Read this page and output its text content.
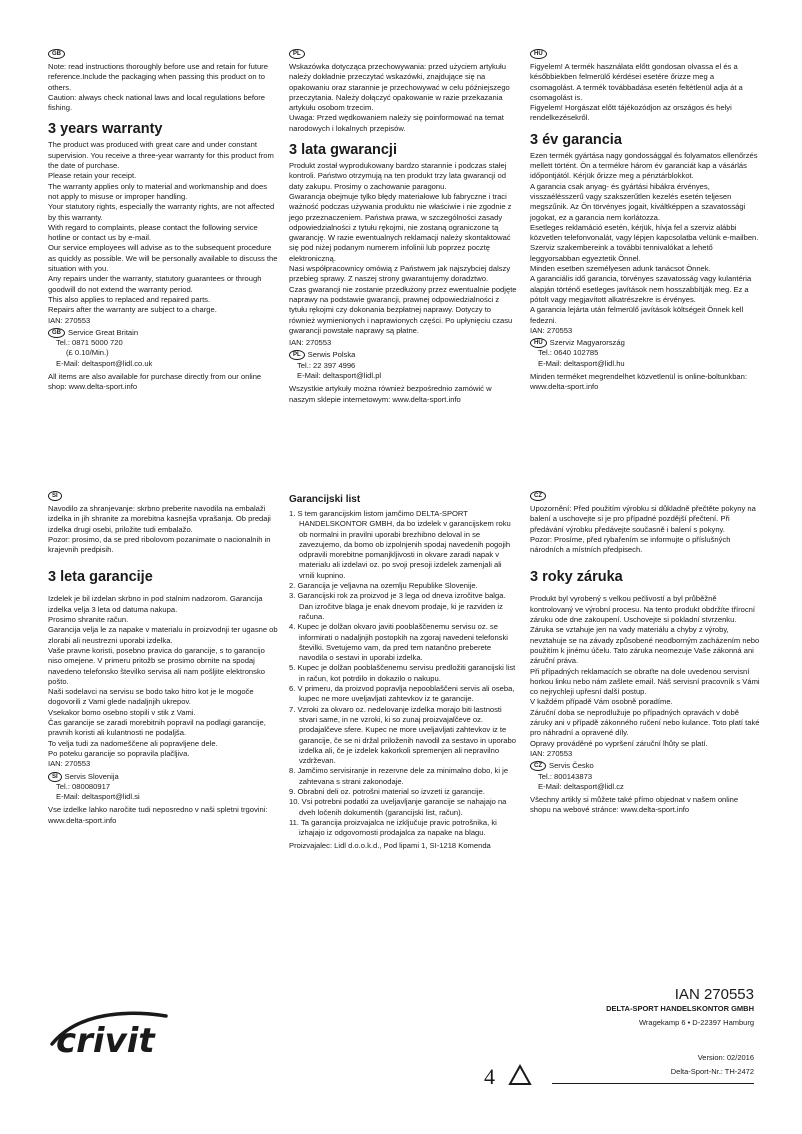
GB

Note: read instructions thoroughly before use and retain for future reference.Include the packaging when passing this product on to others.

Caution: always check national laws and local regulations before fishing.

3 years warranty

The product was produced with great care and under constant supervision. You receive a three-year warranty for this product from the date of purchase.

Please retain your receipt.

The warranty applies only to material and workmanship and does not apply to misuse or improper handling.

Your statutory rights, especially the warranty rights, are not affected by this warranty.

With regard to complaints, please contact the following service hotline or contact us by e-mail.

Our service employees will advise as to the subsequent procedure as quickly as possible. We will be personally available to discuss the situation with you.

Any repairs under the warranty, statutory guarantees or through goodwill do not extend the warranty period.

This also applies to replaced and repaired parts.

Repairs after the warranty are subject to a charge.

IAN: 270553

GB Service Great Britain
Tel.: 0871 5000 720
(£ 0.10/Min.)
E-Mail: deltasport@lidl.co.uk

All items are also available for purchase directly from our online shop: www.delta-sport.info

PL

Wskazówka dotycząca przechowywania: przed użyciem artykułu należy dokładnie przeczytać wskazówki, znajdujące się na opakowaniu oraz starannie je przechowywać w celu późniejszego przeczytania. Należy dołączyć opakowanie w razie przekazania artykułu osobom trzecim.

Uwaga: Przed wędkowaniem należy się poinformować na temat narodowych i lokalnych przepisów.

3 lata gwarancji

Produkt został wyprodukowany bardzo starannie i podczas stałej kontroli. Państwo otrzymują na ten produkt trzy lata gwarancji od daty zakupu. Prosimy o zachowanie paragonu.

Gwarancja obejmuje tylko błędy materiałowe lub fabryczne i traci ważność podczas używania produktu nie właściwie i nie zgodnie z jego przeznaczeniem. Państwa prawa, w szczególności zasady odpowiedzialności z tytułu rękojmi, nie zostaną ograniczone tą gwarancję. W razie ewentualnych reklamacji należy skontaktować się pod niżej podanym numerem infolinii lub poprzez pocztę elektroniczną.

Nasi współpracownicy omówią z Państwem jak najszybciej dalszy przebieg sprawy. Z naszej strony gwarantujemy doradztwo.

Czas gwarancji nie zostanie przedłużony przez ewentualnie podjęte naprawy na podstawie gwarancji, prawnej odpowiedzialności z tytułu rękojmi czy dokonania bezpłatnej naprawy. Dotyczy to również wymienionych i naprawionych części. Po upłynięciu czasu gwarancji powstałe naprawy są płatne.

IAN: 270553

PL Serwis Polska
Tel.: 22 397 4996
E-Mail: deltasport@lidl.pl

Wszystkie artykuły można również bezpośrednio zamówić w naszym sklepie internetowym: www.delta-sport.info

HU

Figyelem! A termék használata előtt gondosan olvassa el és a későbbiekben felmerülő kérdései esetére őrizze meg a csomagolást. A termék továbbadása esetén feltétlenül adja át a csomagolást is.

Figyelem! Horgászat előtt tájékozódjon az országos és helyi rendelkezésekről.

3 év garancia

Ezen termék gyártása nagy gondossággal és folyamatos ellenőrzés mellett történt. Ön a termékre három év garanciát kap a vásárlás időpontjától. Kérjük őrizze meg a pénztárblokkot.

A garancia csak anyag- és gyártási hibákra érvényes, visszaélésszerű vagy szakszerűtlen kezelés esetén teljesen megszűnik. Az Ön törvényes jogait, kiváltképpen a szavatossági jogokat, ez a garancia nem korlátozza.

Esetleges reklamáció esetén, kérjük, hívja fel a szerviz alábbi közvetlen telefonvonalát, vagy lépjen kapcsolatba velünk e-mailben. Szerviz szakembereink a további tennivalókat a lehető leggyorsabban egyeztetik Önnel.

Minden esetben személyesen adunk tanácsot Önnek.

A garanciális idő garancia, törvényes szavatosság vagy kulantéria alapján történő esetleges javítások nem hosszabbítják meg. Ez a pótolt vagy megjavított alkatrészekre is érvényes.

A garancia lejárta után felmerülő javítások költségeit Önnek kell fedezni.

IAN: 270553

HU Szerviz Magyarország
Tel.: 0640 102785
E-Mail: deltasport@lidl.hu

Minden terméket megrendelhet közvetlenül is online-boltunkban: www.delta-sport.info

SI

Navodilo za shranjevanje: skrbno preberite navodila na embalaži izdelka in jih shranite za morebitna kasnejša vprašanja. Ob predaji izdelka drugi osebi, priložite tudi embalažo.

Pozor: prosimo, da se pred ribolovom pozanimate o nacionalnih in krajevnih predpisih.

3 leta garancije

Izdelek je bil izdelan skrbno in pod stalnim nadzorom. Garancija izdelka velja 3 leta od datuma nakupa.

Prosimo shranite račun.

Garancija velja le za napake v materialu in proizvodnji ter ugasne ob zlorabi ali neustrezni uporabi izdelka.

Vaše pravne koristi, posebno pravica do garancije, s to garancijo niso omejene. V primeru pritožb se prosimo obrnite na spodaj navedeno telefonsko številko servisa ali nam pošljite elektronsko pošto.

Naši sodelavci na servisu se bodo tako hitro kot je le mogoče dogovorili z Vami glede nadaljnjih ukrepov.

Vsekakor bomo osebno stopili v stik z Vami.

Čas garancije se zaradi morebitnih popravil na podlagi garancije, pravnih koristi ali kulantnosti ne podaljša.

To velja tudi za nadomeščene ali popravljene dele.

Po poteku garancije so popravila plačljiva.

IAN: 270553

SI Servis Slovenija
Tel.: 080080917
E-Mail: deltasport@lidl.si

Vse izdelke lahko naročite tudi neposredno v naši spletni trgovini: www.delta-sport.info

Garancijski list

1. S tem garancijskim listom jamčimo DELTA-SPORT HANDELSKONTOR GMBH, da bo izdelek v garancijskem roku ob normalni in pravilni uporabi brezhibno deloval in se zavezujemo, da bomo ob izpolnjenih spodaj navedenih pogojih odpravili morebitne pomanjkljivosti in okvare zaradi napak v materialu ali izdelavi oz. po svoji presoji izdelek zamenjali ali vrnili kupnino.

2. Garancija je veljavna na ozemlju Republike Slovenije.

3. Garancijski rok za proizvod je 3 lega od dneva izročitve balga. Dan izročitve blaga je enak dnevom prodaje, ki je razviden iz računa.

4. Kupec je dolžan okvaro javiti pooblaščenemu servisu oz. se informirati o nadaljnjih postopkih na zgoraj navedeni telefonski številki. Svetujemo vam, da pred tem natančno preberete navodila o sestavi in uporabi izdelka.

5. Kupec je dolžan pooblaščenemu servisu predložiti garancijski list in račun, kot potrdilo in dokazilo o nakupu.

6. V primeru, da proizvod popravlja nepooblaščeni servis ali oseba, kupec ne more uveljavljati zahtevkov iz te garancije.

7. Vzroki za okvaro oz. nedelovanje izdelka morajo biti lastnosti stvari same, in ne vzroki, ki so zunaj proizvajalčeve oz. prodajalčeve sfere. Kupec ne more uveljavljati zahtevkov iz te garancije, če se ni držal priloženih navodil za sestavo in uporabo izdelka ali, če je izdelek kakorkoli spremenjen ali nepravilno vzdrževan.

8. Jamčimo servisiranje in rezervne dele za minimalno dobo, ki je zahtevana s strani zakonodaje.

9. Obrabni deli oz. potrošni material so izvzeti iz garancije.

10. Vsi potrebni podatki za uveljavljanje garancije se nahajajo na dveh ločenih dokumentih (garancijski list, račun).

11. Ta garancija proizvajalca ne izključuje pravic potrošnika, ki izhajajo iz odgovornosti prodajalca za napake na blagu.

Proizvajalec: Lidl d.o.o.k.d., Pod lipami 1, SI-1218 Komenda

CZ

Upozornění: Před použitím výrobku si důkladně přečtěte pokyny na balení a uschovejte si je pro případné pozdější přečtení. Při předávání výrobku předávejte současně i balení s pokyny.

Pozor: Prosíme, před rybařením se informujte o příslušných národních a místních předpisech.

3 roky záruka

Produkt byl vyrobený s velkou pečlivostí a byl průběžně kontrolovaný ve výrobní procesu. Na tento produkt obdržíte třírocní záruku ode dne zakoupení. Uschovejte si pokladní stvrzenku.

Záruka se vztahuje jen na vady materiálu a chyby z výroby, nevztahuje se na závady způsobené neodborným zacházením nebo použitím k jinému účelu. Tato záruka neomezuje Vaše zákonná ani záruční práva.

Při případných reklamacích se obraťte na dole uvedenou servisní horkou linku nebo nám zašlete email. Náš servisní pracovník s Vámi co nejrychleji upřesní další postup.

V každém případě Vám osobně poradíme.

Záruční doba se neprodlužuje po případných opravách v době záruky ani v případě zákonného ručení nebo kulance. Toto platí také pro náhradní a opravené díly.

Opravy prováděné po vypršení záruční lhůty se platí.

IAN: 270553

CZ Servis Česko
Tel.: 800143873
E-Mail: deltasport@lidl.cz

Všechny artikly si můžete také přímo objednat v našem online shopu na webové stránce: www.delta-sport.info

crivit
IAN 270553
DELTA-SPORT HANDELSKONTOR GMBH
Wragekamp 6 • D-22397 Hamburg
4
Version: 02/2016
Delta-Sport-Nr.: TH-2472
